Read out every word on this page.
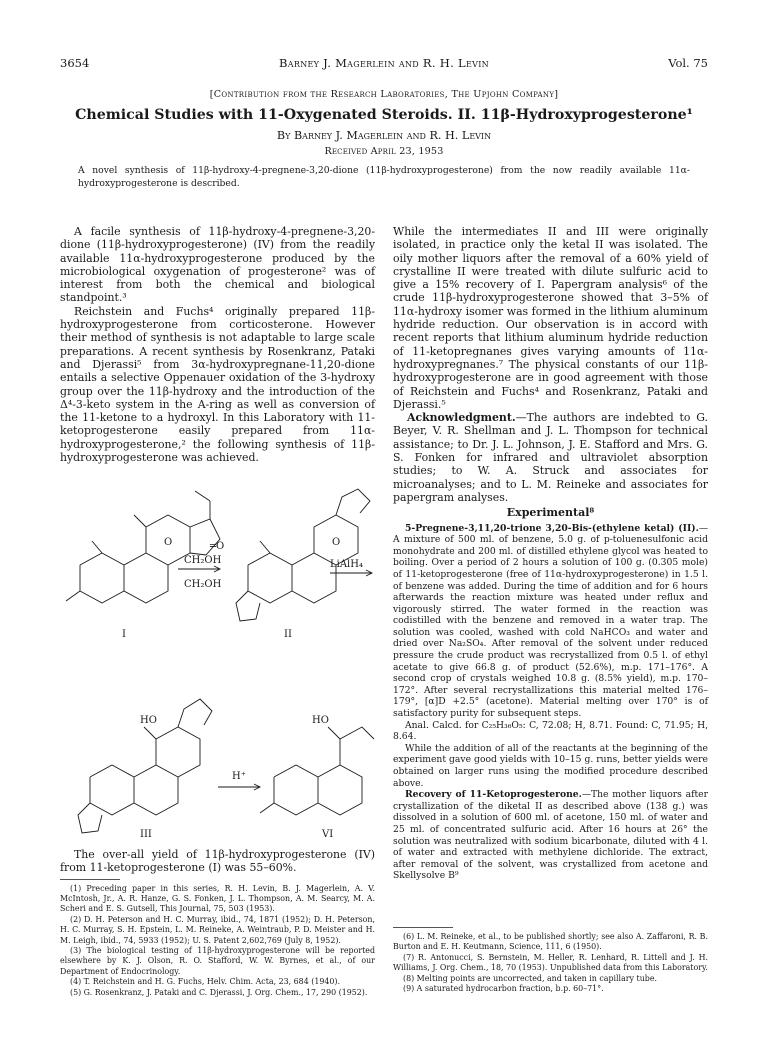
3654	Barney J. Magerlein and R. H. Levin	Vol. 75
[Contribution from the Research Laboratories, The Upjohn Company]
Chemical Studies with 11-Oxygenated Steroids. II. 11β-Hydroxyprogesterone¹
By Barney J. Magerlein and R. H. Levin
Received April 23, 1953
A novel synthesis of 11β-hydroxy-4-pregnene-3,20-dione (11β-hydroxyprogesterone) from the now readily available 11α-hydroxyprogesterone is described.

A facile synthesis of 11β-hydroxy-4-pregnene-3,20-dione (11β-hydroxyprogesterone) (IV) from the readily available 11α-hydroxyprogesterone produced by the microbiological oxygenation of progesterone² was of interest from both the chemical and biological standpoint.³

Reichstein and Fuchs⁴ originally prepared 11β-hydroxyprogesterone from corticosterone. However their method of synthesis is not adaptable to large scale preparations. A recent synthesis by Rosenkranz, Pataki and Djerassi⁵ from 3α-hydroxypregnane-11,20-dione entails a selective Oppenauer oxidation of the 3-hydroxy group over the 11β-hydroxy and the introduction of the Δ⁴-3-keto system in the A-ring as well as conversion of the 11-ketone to a hydroxyl. In this Laboratory with 11-ketoprogesterone easily prepared from 11α-hydroxyprogesterone,² the following synthesis of 11β-hydroxyprogesterone was achieved.

O	O
═O
CH₂OH
CH₂OH
LiAlH₄
H⁺
I	II
III	VI
HO	HO

The over-all yield of 11β-hydroxyprogesterone (IV) from 11-ketoprogesterone (I) was 55–60%.

(1) Preceding paper in this series, R. H. Levin, B. J. Magerlein, A. V. McIntosh, Jr., A. R. Hanze, G. S. Fonken, J. L. Thompson, A. M. Searcy, M. A. Scheri and E. S. Gutsell, This Journal, 75, 503 (1953).

(2) D. H. Peterson and H. C. Murray, ibid., 74, 1871 (1952); D. H. Peterson, H. C. Murray, S. H. Epstein, L. M. Reineke, A. Weintraub, P. D. Meister and H. M. Leigh, ibid., 74, 5933 (1952); U. S. Patent 2,602,769 (July 8, 1952).

(3) The biological testing of 11β-hydroxyprogesterone will be reported elsewhere by K. J. Olson, R. O. Stafford, W. W. Byrnes, et al., of our Department of Endocrinology.

(4) T. Reichstein and H. G. Fuchs, Helv. Chim. Acta, 23, 684 (1940).

(5) G. Rosenkranz, J. Pataki and C. Djerassi, J. Org. Chem., 17, 290 (1952).

While the intermediates II and III were originally isolated, in practice only the ketal II was isolated. The oily mother liquors after the removal of a 60% yield of crystalline II were treated with dilute sulfuric acid to give a 15% recovery of I. Papergram analysis⁶ of the crude 11β-hydroxyprogesterone showed that 3–5% of 11α-hydroxy isomer was formed in the lithium aluminum hydride reduction. Our observation is in accord with recent reports that lithium aluminum hydride reduction of 11-ketopregnanes gives varying amounts of 11α-hydroxypregnanes.⁷ The physical constants of our 11β-hydroxyprogesterone are in good agreement with those of Reichstein and Fuchs⁴ and Rosenkranz, Pataki and Djerassi.⁵

Acknowledgment.—The authors are indebted to G. Beyer, V. R. Shellman and J. L. Thompson for technical assistance; to Dr. J. L. Johnson, J. E. Stafford and Mrs. G. S. Fonken for infrared and ultraviolet absorption studies; to W. A. Struck and associates for microanalyses; and to L. M. Reineke and associates for papergram analyses.

Experimental⁸

5-Pregnene-3,11,20-trione 3,20-Bis-(ethylene ketal) (II).—A mixture of 500 ml. of benzene, 5.0 g. of p-toluenesulfonic acid monohydrate and 200 ml. of distilled ethylene glycol was heated to boiling. Over a period of 2 hours a solution of 100 g. (0.305 mole) of 11-ketoprogesterone (free of 11α-hydroxyprogesterone) in 1.5 l. of benzene was added. During the time of addition and for 6 hours afterwards the reaction mixture was heated under reflux and vigorously stirred. The water formed in the reaction was codistilled with the benzene and removed in a water trap. The solution was cooled, washed with cold NaHCO₃ and water and dried over Na₂SO₄. After removal of the solvent under reduced pressure the crude product was recrystallized from 0.5 l. of ethyl acetate to give 66.8 g. of product (52.6%), m.p. 171–176°. A second crop of crystals weighed 10.8 g. (8.5% yield), m.p. 170–172°. After several recrystallizations this material melted 176–179°, [α]D +2.5° (acetone). Material melting over 170° is of satisfactory purity for subsequent steps.

Anal. Calcd. for C₂₅H₃₆O₅: C, 72.08; H, 8.71. Found: C, 71.95; H, 8.64.

While the addition of all of the reactants at the beginning of the experiment gave good yields with 10–15 g. runs, better yields were obtained on larger runs using the modified procedure described above.

Recovery of 11-Ketoprogesterone.—The mother liquors after crystallization of the diketal II as described above (138 g.) was dissolved in a solution of 600 ml. of acetone, 150 ml. of water and 25 ml. of concentrated sulfuric acid. After 16 hours at 26° the solution was neutralized with sodium bicarbonate, diluted with 4 l. of water and extracted with methylene dichloride. The extract, after removal of the solvent, was crystallized from acetone and Skellysolve B⁹

(6) L. M. Reineke, et al., to be published shortly; see also A. Zaffaroni, R. B. Burton and E. H. Keutmann, Science, 111, 6 (1950).

(7) R. Antonucci, S. Bernstein, M. Heller, R. Lenhard, R. Littell and J. H. Williams, J. Org. Chem., 18, 70 (1953). Unpublished data from this Laboratory.

(8) Melting points are uncorrected, and taken in capillary tube.

(9) A saturated hydrocarbon fraction, b.p. 60–71°.
